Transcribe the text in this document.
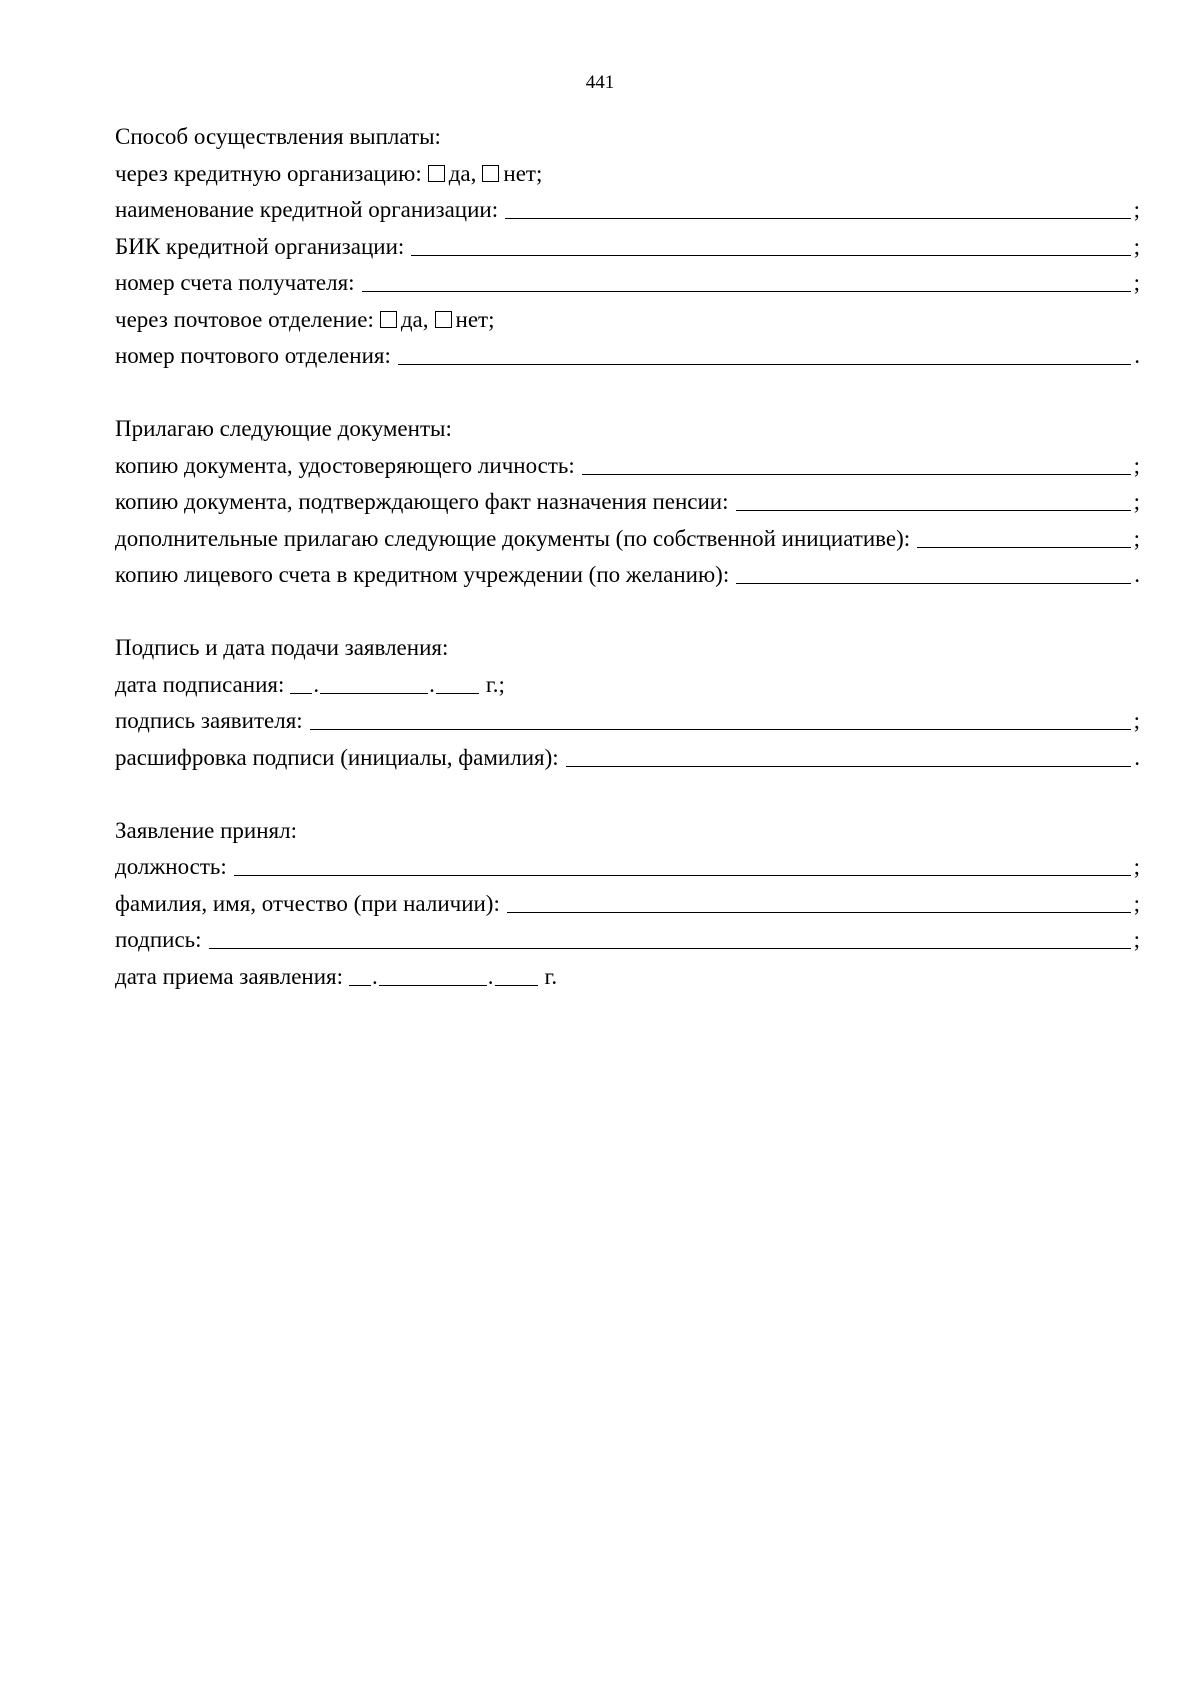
441
Способ осуществления выплаты:
через кредитную организацию: да, нет;
наименование кредитной организации:	;
БИК кредитной организации:	;
номер счета получателя:	;
через почтовое отделение: да, нет;
номер почтового отделения:	.
Прилагаю следующие документы:
копию документа, удостоверяющего личность:	;
копию документа, подтверждающего факт назначения пенсии:	;
дополнительные прилагаю следующие документы (по собственной инициативе):	;
копию лицевого счета в кредитном учреждении (по желанию):	.
Подпись и дата подачи заявления:
дата подписания: .	. г.;
подпись заявителя:	;
расшифровка подписи (инициалы, фамилия):	.
Заявление принял:
должность:	;
фамилия, имя, отчество (при наличии):	;
подпись:	;
дата приема заявления: .	. г.
